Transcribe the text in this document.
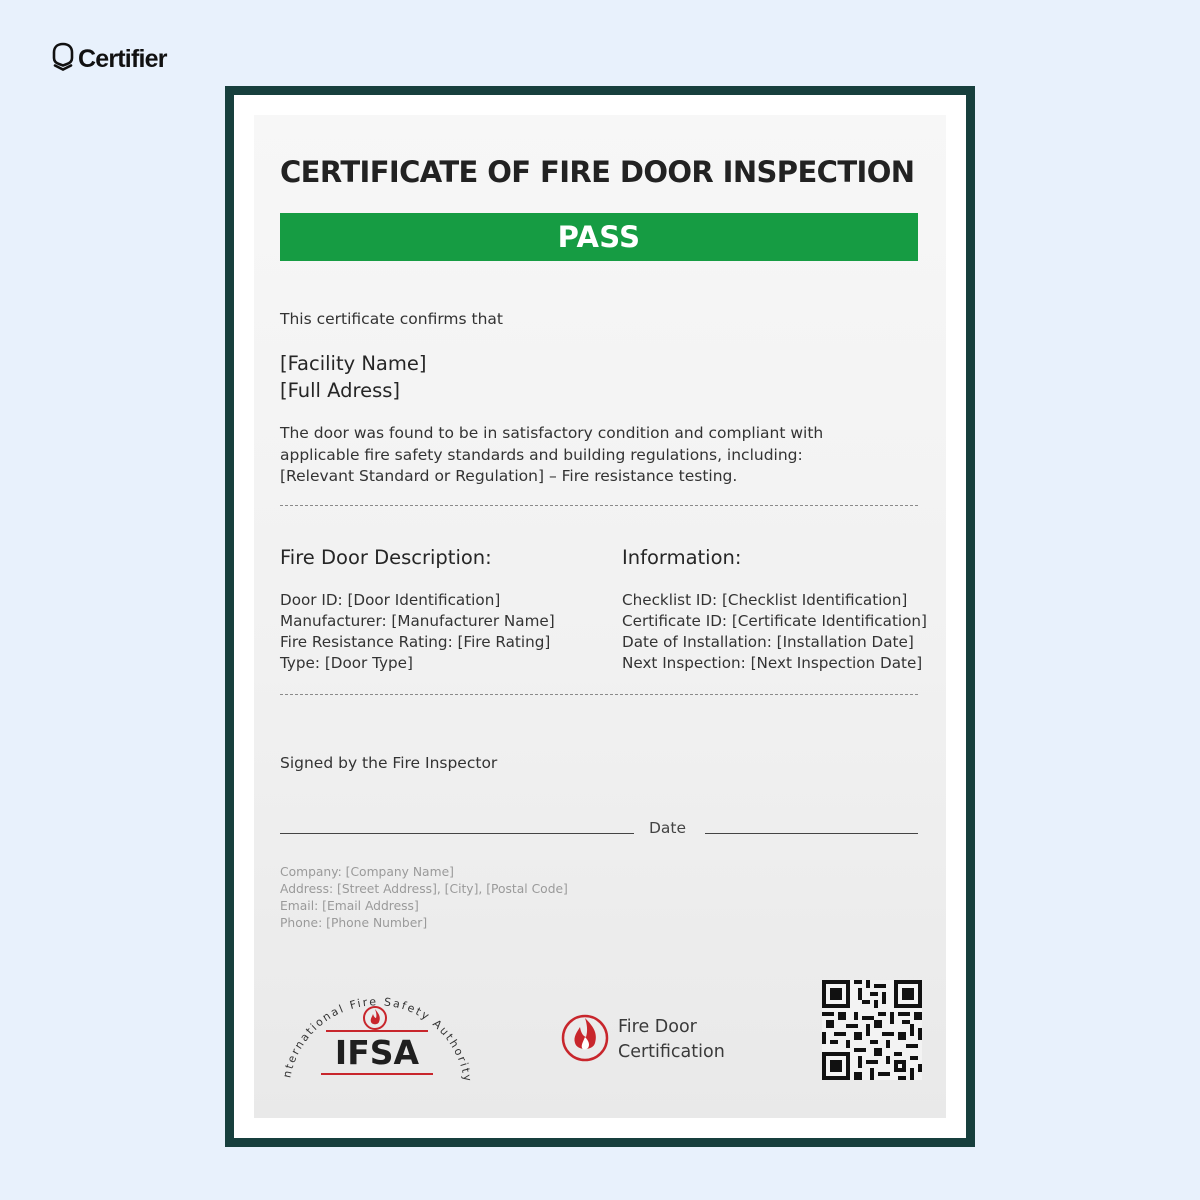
Certifier
CERTIFICATE OF FIRE DOOR INSPECTION
PASS
This certificate confirms that
[Facility Name]
[Full Adress]
The door was found to be in satisfactory condition and compliant with
applicable fire safety standards and building regulations, including:
[Relevant Standard or Regulation] – Fire resistance testing.
Fire Door Description:	Information:
Door ID: [Door Identification]
Manufacturer: [Manufacturer Name]
Fire Resistance Rating: [Fire Rating]
Type: [Door Type]
Checklist ID: [Checklist Identification]
Certificate ID: [Certificate Identification]
Date of Installation: [Installation Date]
Next Inspection: [Next Inspection Date]
Signed by the Fire Inspector
Date
Company: [Company Name]
Address: [Street Address], [City], [Postal Code]
Email: [Email Address]
Phone: [Phone Number]
nternational Fire Safety Authority
IFSA
Fire Door
Certification
